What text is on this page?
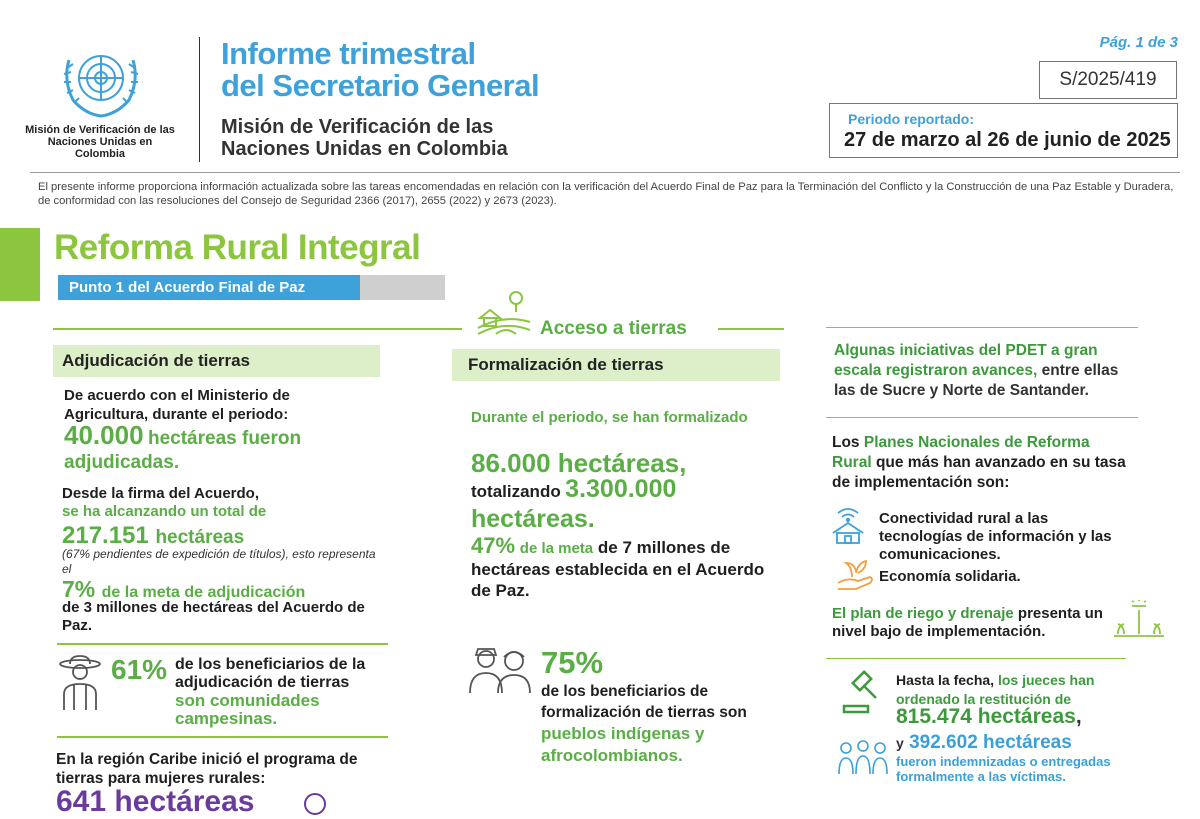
Misión de Verificación de las Naciones Unidas en Colombia
Informe trimestral
del Secretario General
Misión de Verificación de las
Naciones Unidas en Colombia
Pág. 1 de 3
S/2025/419
Periodo reportado:
27 de marzo al 26 de junio de 2025
El presente informe proporciona información actualizada sobre las tareas encomendadas en relación con la verificación del Acuerdo Final de Paz para la Terminación del Conflicto y la Construcción de una Paz Estable y Duradera, de conformidad con las resoluciones del Consejo de Seguridad 2366 (2017), 2655 (2022) y 2673 (2023).
Reforma Rural Integral
Punto 1 del Acuerdo Final de Paz
Acceso a tierras
Adjudicación de tierras
De acuerdo con el Ministerio de Agricultura, durante el periodo:
40.000 hectáreas fueron adjudicadas.
Desde la firma del Acuerdo,
se ha alcanzando un total de
217.151 hectáreas
(67% pendientes de expedición de títulos), esto representa el
7% de la meta de adjudicación
de 3 millones de hectáreas del Acuerdo de Paz.
61% de los beneficiarios de la adjudicación de tierras
son comunidades campesinas.
En la región Caribe inició el programa de tierras para mujeres rurales:
641 hectáreas
Formalización de tierras
Durante el periodo, se han formalizado
86.000 hectáreas,
totalizando 3.300.000 hectáreas.
47% de la meta de 7 millones de hectáreas establecida en el Acuerdo de Paz.
75%
de los beneficiarios de formalización de tierras son pueblos indígenas y afrocolombianos.
Algunas iniciativas del PDET a gran escala registraron avances, entre ellas las de Sucre y Norte de Santander.
Los Planes Nacionales de Reforma Rural que más han avanzado en su tasa de implementación son:
Conectividad rural a las tecnologías de información y las comunicaciones.
Economía solidaria.
El plan de riego y drenaje presenta un nivel bajo de implementación.
Hasta la fecha, los jueces han ordenado la restitución de
815.474 hectáreas,
y 392.602 hectáreas
fueron indemnizadas o entregadas formalmente a las víctimas.
